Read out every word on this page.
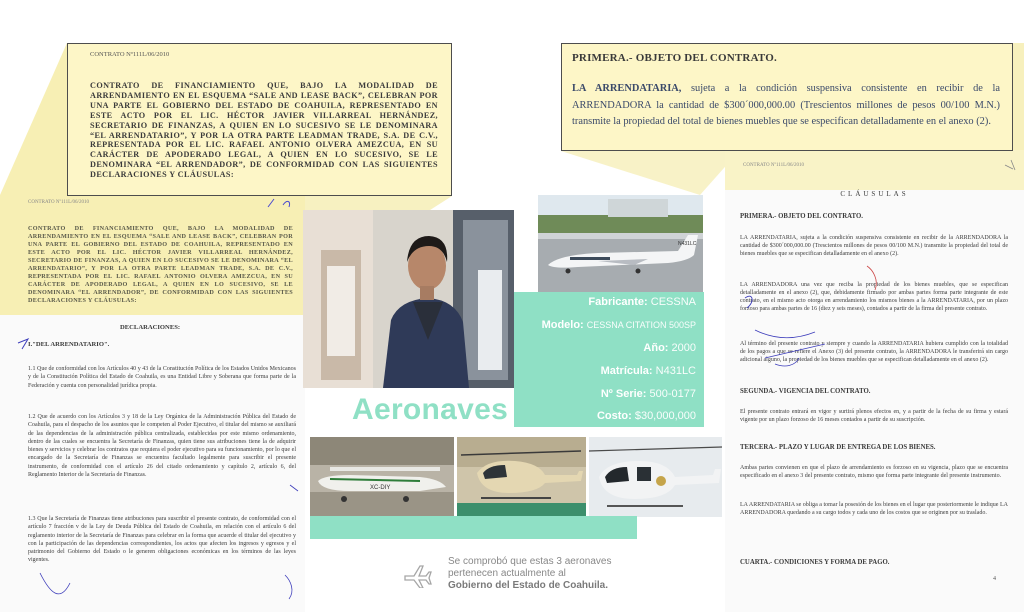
CONTRATO Nº111L/06/2010
CONTRATO DE FINANCIAMIENTO QUE, BAJO LA MODALIDAD DE ARRENDAMIENTO EN EL ESQUEMA “SALE AND LEASE BACK”, CELEBRAN POR UNA PARTE EL GOBIERNO DEL ESTADO DE COAHUILA, REPRESENTADO EN ESTE ACTO POR EL LIC. HÉCTOR JAVIER VILLARREAL HERNÁNDEZ, SECRETARIO DE FINANZAS, A QUIEN EN LO SUCESIVO SE LE DENOMINARA “EL ARRENDATARIO”, Y POR LA OTRA PARTE LEADMAN TRADE, S.A. DE C.V., REPRESENTADA POR EL LIC. RAFAEL ANTONIO OLVERA AMEZCUA, EN SU CARÁCTER DE APODERADO LEGAL, A QUIEN EN LO SUCESIVO, SE LE DENOMINARA “EL ARRENDADOR”, DE CONFORMIDAD CON LAS SIGUIENTES DECLARACIONES Y CLÁUSULAS:
DECLARACIONES:
I."DEL ARRENDATARIO".
1.1 Que de conformidad con los Artículos 40 y 43 de la Constitución Política de los Estados Unidos Mexicanos y de la Constitución Política del Estado de Coahuila, es una Entidad Libre y Soberana que forma parte de la Federación y cuenta con personalidad jurídica propia.
1.2 Que de acuerdo con los Artículos 3 y 18 de la Ley Orgánica de la Administración Pública del Estado de Coahuila, para el despacho de los asuntos que le competen al Poder Ejecutivo, el titular del mismo se auxiliará de las dependencias de la administración pública centralizada, establecidas por este mismo ordenamiento, dentro de las cuales se encuentra la Secretaría de Finanzas, quien tiene sus atribuciones tiene la de adquirir bienes y servicios y celebrar los contratos que requiera el poder ejecutivo para su funcionamiento, por lo que el encargado de la Secretaría de Finanzas se encuentra facultado legalmente para suscribir el presente instrumento, de conformidad con el artículo 26 del citado ordenamiento y capítulo 2, artículo 6, del Reglamento Interior de la Secretaría de Finanzas.
1.3 Que la Secretaría de Finanzas tiene atribuciones para suscribir el presente contrato, de conformidad con el artículo 7 fracción v de la Ley de Deuda Pública del Estado de Coahuila, en relación con el artículo 6 del reglamento interior de la Secretaría de Finanzas para celebrar en la forma que acuerde el titular del ejecutivo y con la participación de las dependencias correspondientes, los actos que afecten los ingresos y egresos y el patrimonio del Gobierno del Estado o le generen obligaciones económicas en los términos de las leyes vigentes.
CONTRATO Nº111L/06/2010
CLÁUSULAS
PRIMERA.- OBJETO DEL CONTRATO.
LA ARRENDATARIA, sujeta a la condición suspensiva consistente en recibir de la ARRENDADORA la cantidad de $300´000,000.00 (Trescientos millones de pesos 00/100 M.N.) transmite la propiedad del total de bienes muebles que se especifican detalladamente en el anexo (2).
LA ARRENDADORA una vez que reciba la propiedad de los bienes muebles, que se especifican detalladamente en el anexo (2), que, debidamente firmado por ambas partes forma parte integrante de este contrato, en el mismo acto otorga en arrendamiento los mismos bienes a la ARRENDATARIA, por un plazo forzoso para ambas partes de 16 (diez y seis meses), contados a partir de la firma del presente contrato.
Al término del presente contrato y siempre y cuando la ARRENDATARIA hubiera cumplido con la totalidad de los pagos a que se refiere el Anexo (3) del presente contrato, la ARRENDADORA le transferirá sin cargo adicional alguno, la propiedad de los bienes muebles que se especifican detalladamente en el anexo (2).
SEGUNDA.- VIGENCIA DEL CONTRATO.
El presente contrato entrará en vigor y surtirá plenos efectos en, y a partir de la fecha de su firma y estará vigente por un plazo forzoso de 16 meses contados a partir de su suscripción.
TERCERA.- PLAZO Y LUGAR DE ENTREGA DE LOS BIENES.
Ambas partes convienen en que el plazo de arrendamiento es forzoso en su vigencia, plazo que se encuentra especificado en el anexo 3 del presente contrato, mismo que forma parte integrante del presente instrumento.
LA ARRENDATARIA se obliga a tomar la posesión de los bienes en el lugar que posteriormente le indique LA ARRENDADORA quedando a su cargo todos y cada uno de los costos que se originen por su traslado.
CUARTA.- CONDICIONES Y FORMA DE PAGO.
4
CONTRATO Nº111L/06/2010
CONTRATO DE FINANCIAMIENTO QUE, BAJO LA MODALIDAD DE ARRENDAMIENTO EN EL ESQUEMA “SALE AND LEASE BACK”, CELEBRAN POR UNA PARTE EL GOBIERNO DEL ESTADO DE COAHUILA, REPRESENTADO EN ESTE ACTO POR EL LIC. HÉCTOR JAVIER VILLARREAL HERNÁNDEZ, SECRETARIO DE FINANZAS, A QUIEN EN LO SUCESIVO SE LE DENOMINARA “EL ARRENDATARIO”, Y POR LA OTRA PARTE LEADMAN TRADE, S.A. DE C.V., REPRESENTADA POR EL LIC. RAFAEL ANTONIO OLVERA AMEZCUA, EN SU CARÁCTER DE APODERADO LEGAL, A QUIEN EN LO SUCESIVO, SE LE DENOMINARA “EL ARRENDADOR”, DE CONFORMIDAD CON LAS SIGUIENTES DECLARACIONES Y CLÁUSULAS:
PRIMERA.- OBJETO DEL CONTRATO.
LA ARRENDATARIA, sujeta a la condición suspensiva consistente en recibir de la ARRENDADORA la cantidad de $300´000,000.00 (Trescientos millones de pesos 00/100 M.N.) transmite la propiedad del total de bienes muebles que se especifican detalladamente en el anexo (2).
N431LC
Fabricante: CESSNA
Modelo: CESSNA CITATION 500SP
Año: 2000
Matrícula: N431LC
Nº Serie: 500-0177
Costo: $30,000,000
Aeronaves
XC-DIY
Se comprobó que estas 3 aeronaves
pertenecen actualmente al
Gobierno del Estado de Coahuila.
